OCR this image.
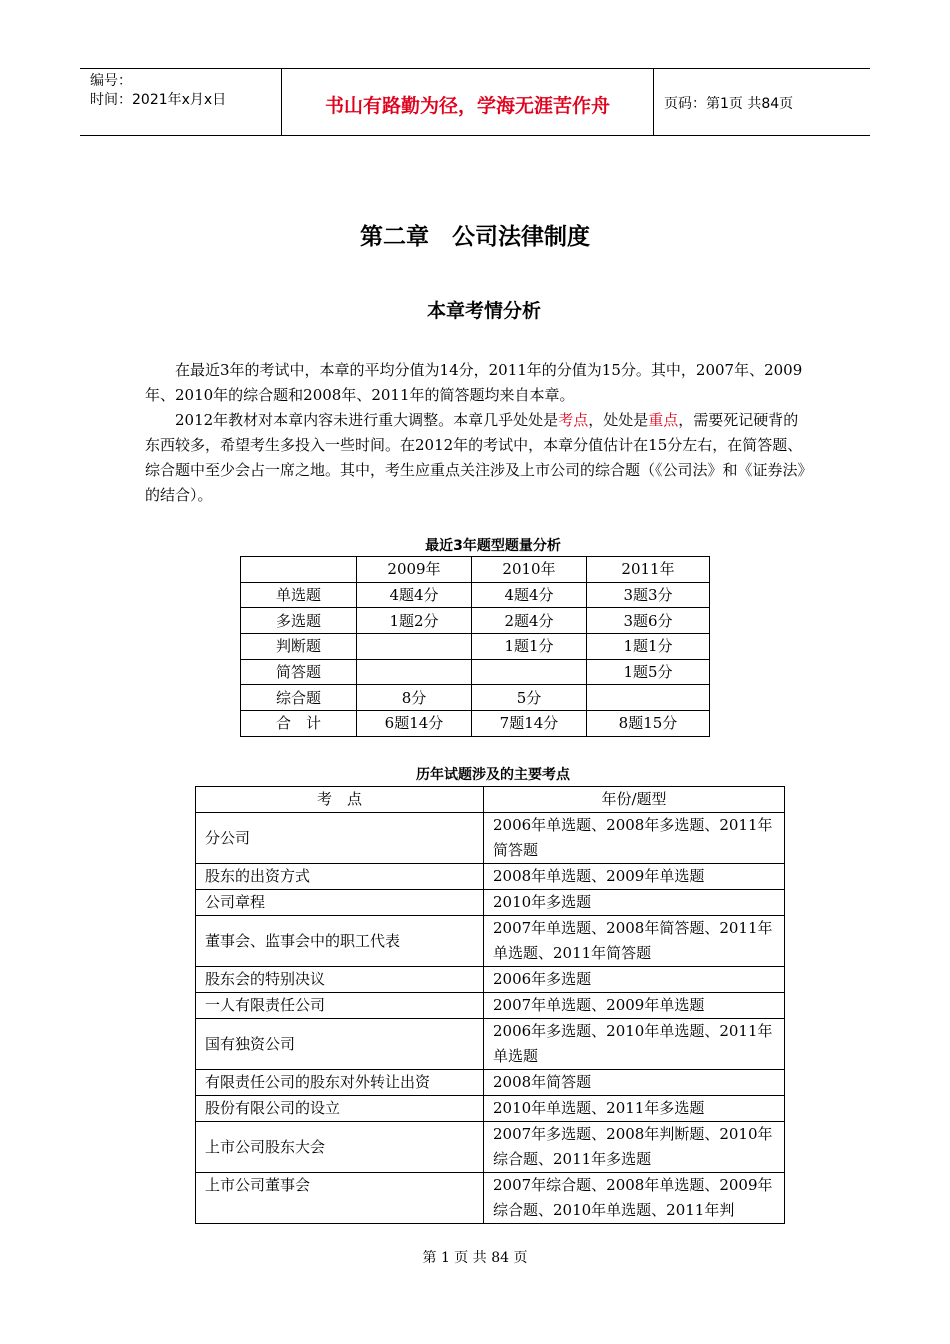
编号：
时间：2021年x月x日	书山有路勤为径，学海无涯苦作舟	页码：第1页 共84页
第二章　公司法律制度
本章考情分析
在最近3年的考试中，本章的平均分值为14分，2011年的分值为15分。其中，2007年、2009年、2010年的综合题和2008年、2011年的简答题均来自本章。
2012年教材对本章内容未进行重大调整。本章几乎处处是考点，处处是重点，需要死记硬背的东西较多，希望考生多投入一些时间。在2012年的考试中，本章分值估计在15分左右，在简答题、综合题中至少会占一席之地。其中，考生应重点关注涉及上市公司的综合题（《公司法》和《证券法》的结合）。
最近3年题型题量分析
	2009年	2010年	2011年
单选题	4题4分	4题4分	3题3分
多选题	1题2分	2题4分	3题6分
判断题		1题1分	1题1分
简答题			1题5分
综合题	8分	5分	
合　计	6题14分	7题14分	8题15分
历年试题涉及的主要考点
考　点	年份/题型
分公司	2006年单选题、2008年多选题、2011年简答题
股东的出资方式	2008年单选题、2009年单选题
公司章程	2010年多选题
董事会、监事会中的职工代表	2007年单选题、2008年简答题、2011年单选题、2011年简答题
股东会的特别决议	2006年多选题
一人有限责任公司	2007年单选题、2009年单选题
国有独资公司	2006年多选题、2010年单选题、2011年单选题
有限责任公司的股东对外转让出资	2008年简答题
股份有限公司的设立	2010年单选题、2011年多选题
上市公司股东大会	2007年多选题、2008年判断题、2010年综合题、2011年多选题
上市公司董事会	2007年综合题、2008年单选题、2009年综合题、2010年单选题、2011年判
第 1 页 共 84 页
